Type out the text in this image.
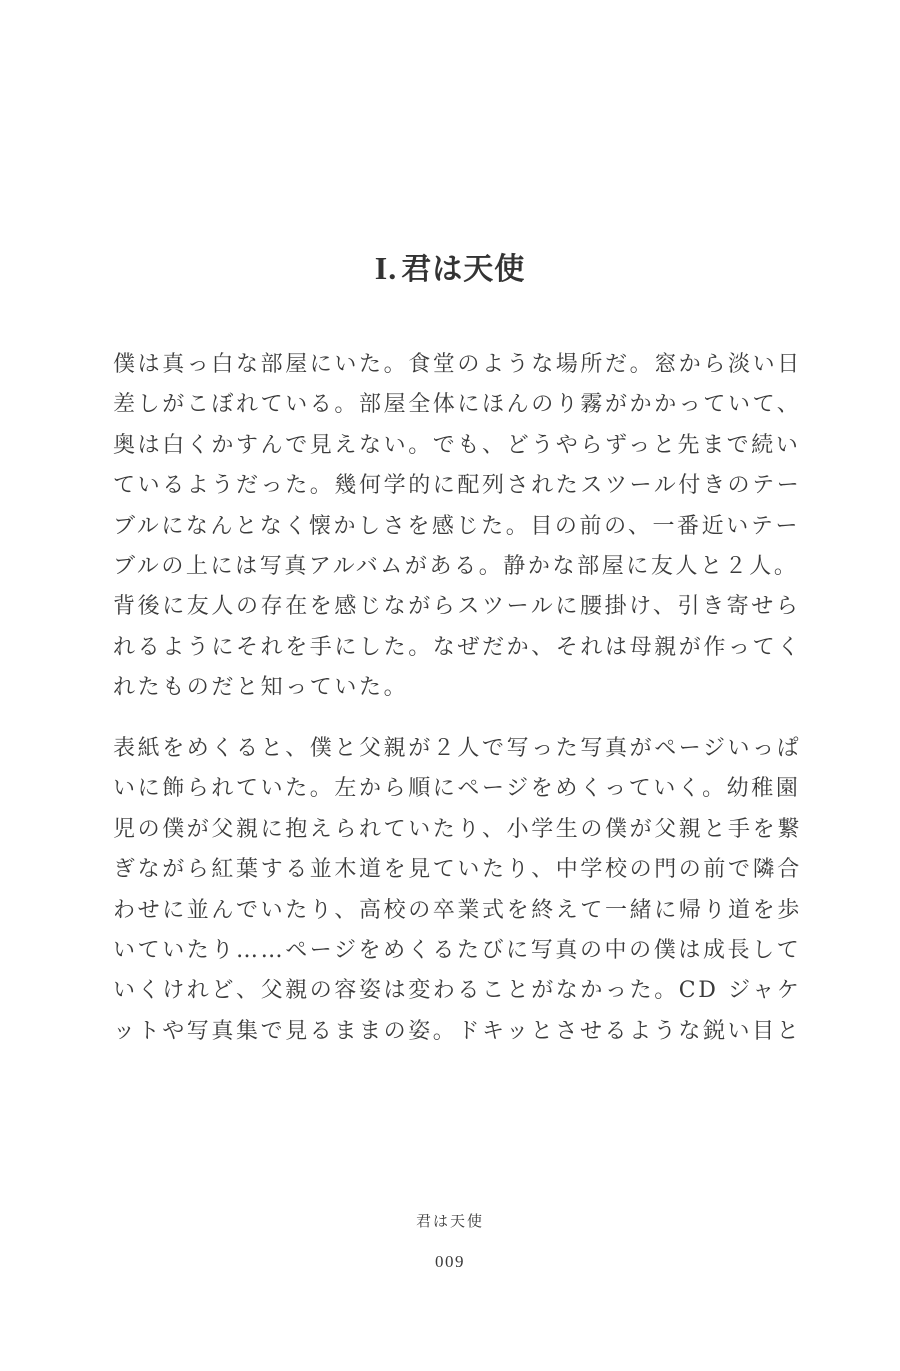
I. 君は天使
僕は真っ白な部屋にいた。食堂のような場所だ。窓から淡い日
差しがこぼれている。部屋全体にほんのり霧がかかっていて、
奥は白くかすんで見えない。でも、どうやらずっと先まで続い
ているようだった。幾何学的に配列されたスツール付きのテー
ブルになんとなく懐かしさを感じた。目の前の、一番近いテー
ブルの上には写真アルバムがある。静かな部屋に友人と２人。
背後に友人の存在を感じながらスツールに腰掛け、引き寄せら
れるようにそれを手にした。なぜだか、それは母親が作ってく
れたものだと知っていた。
表紙をめくると、僕と父親が２人で写った写真がページいっぱ
いに飾られていた。左から順にページをめくっていく。幼稚園
児の僕が父親に抱えられていたり、小学生の僕が父親と手を繋
ぎながら紅葉する並木道を見ていたり、中学校の門の前で隣合
わせに並んでいたり、高校の卒業式を終えて一緒に帰り道を歩
いていたり……ページをめくるたびに写真の中の僕は成長して
いくけれど、父親の容姿は変わることがなかった。CD ジャケ
ットや写真集で見るままの姿。ドキッとさせるような鋭い目と
君は天使
009
